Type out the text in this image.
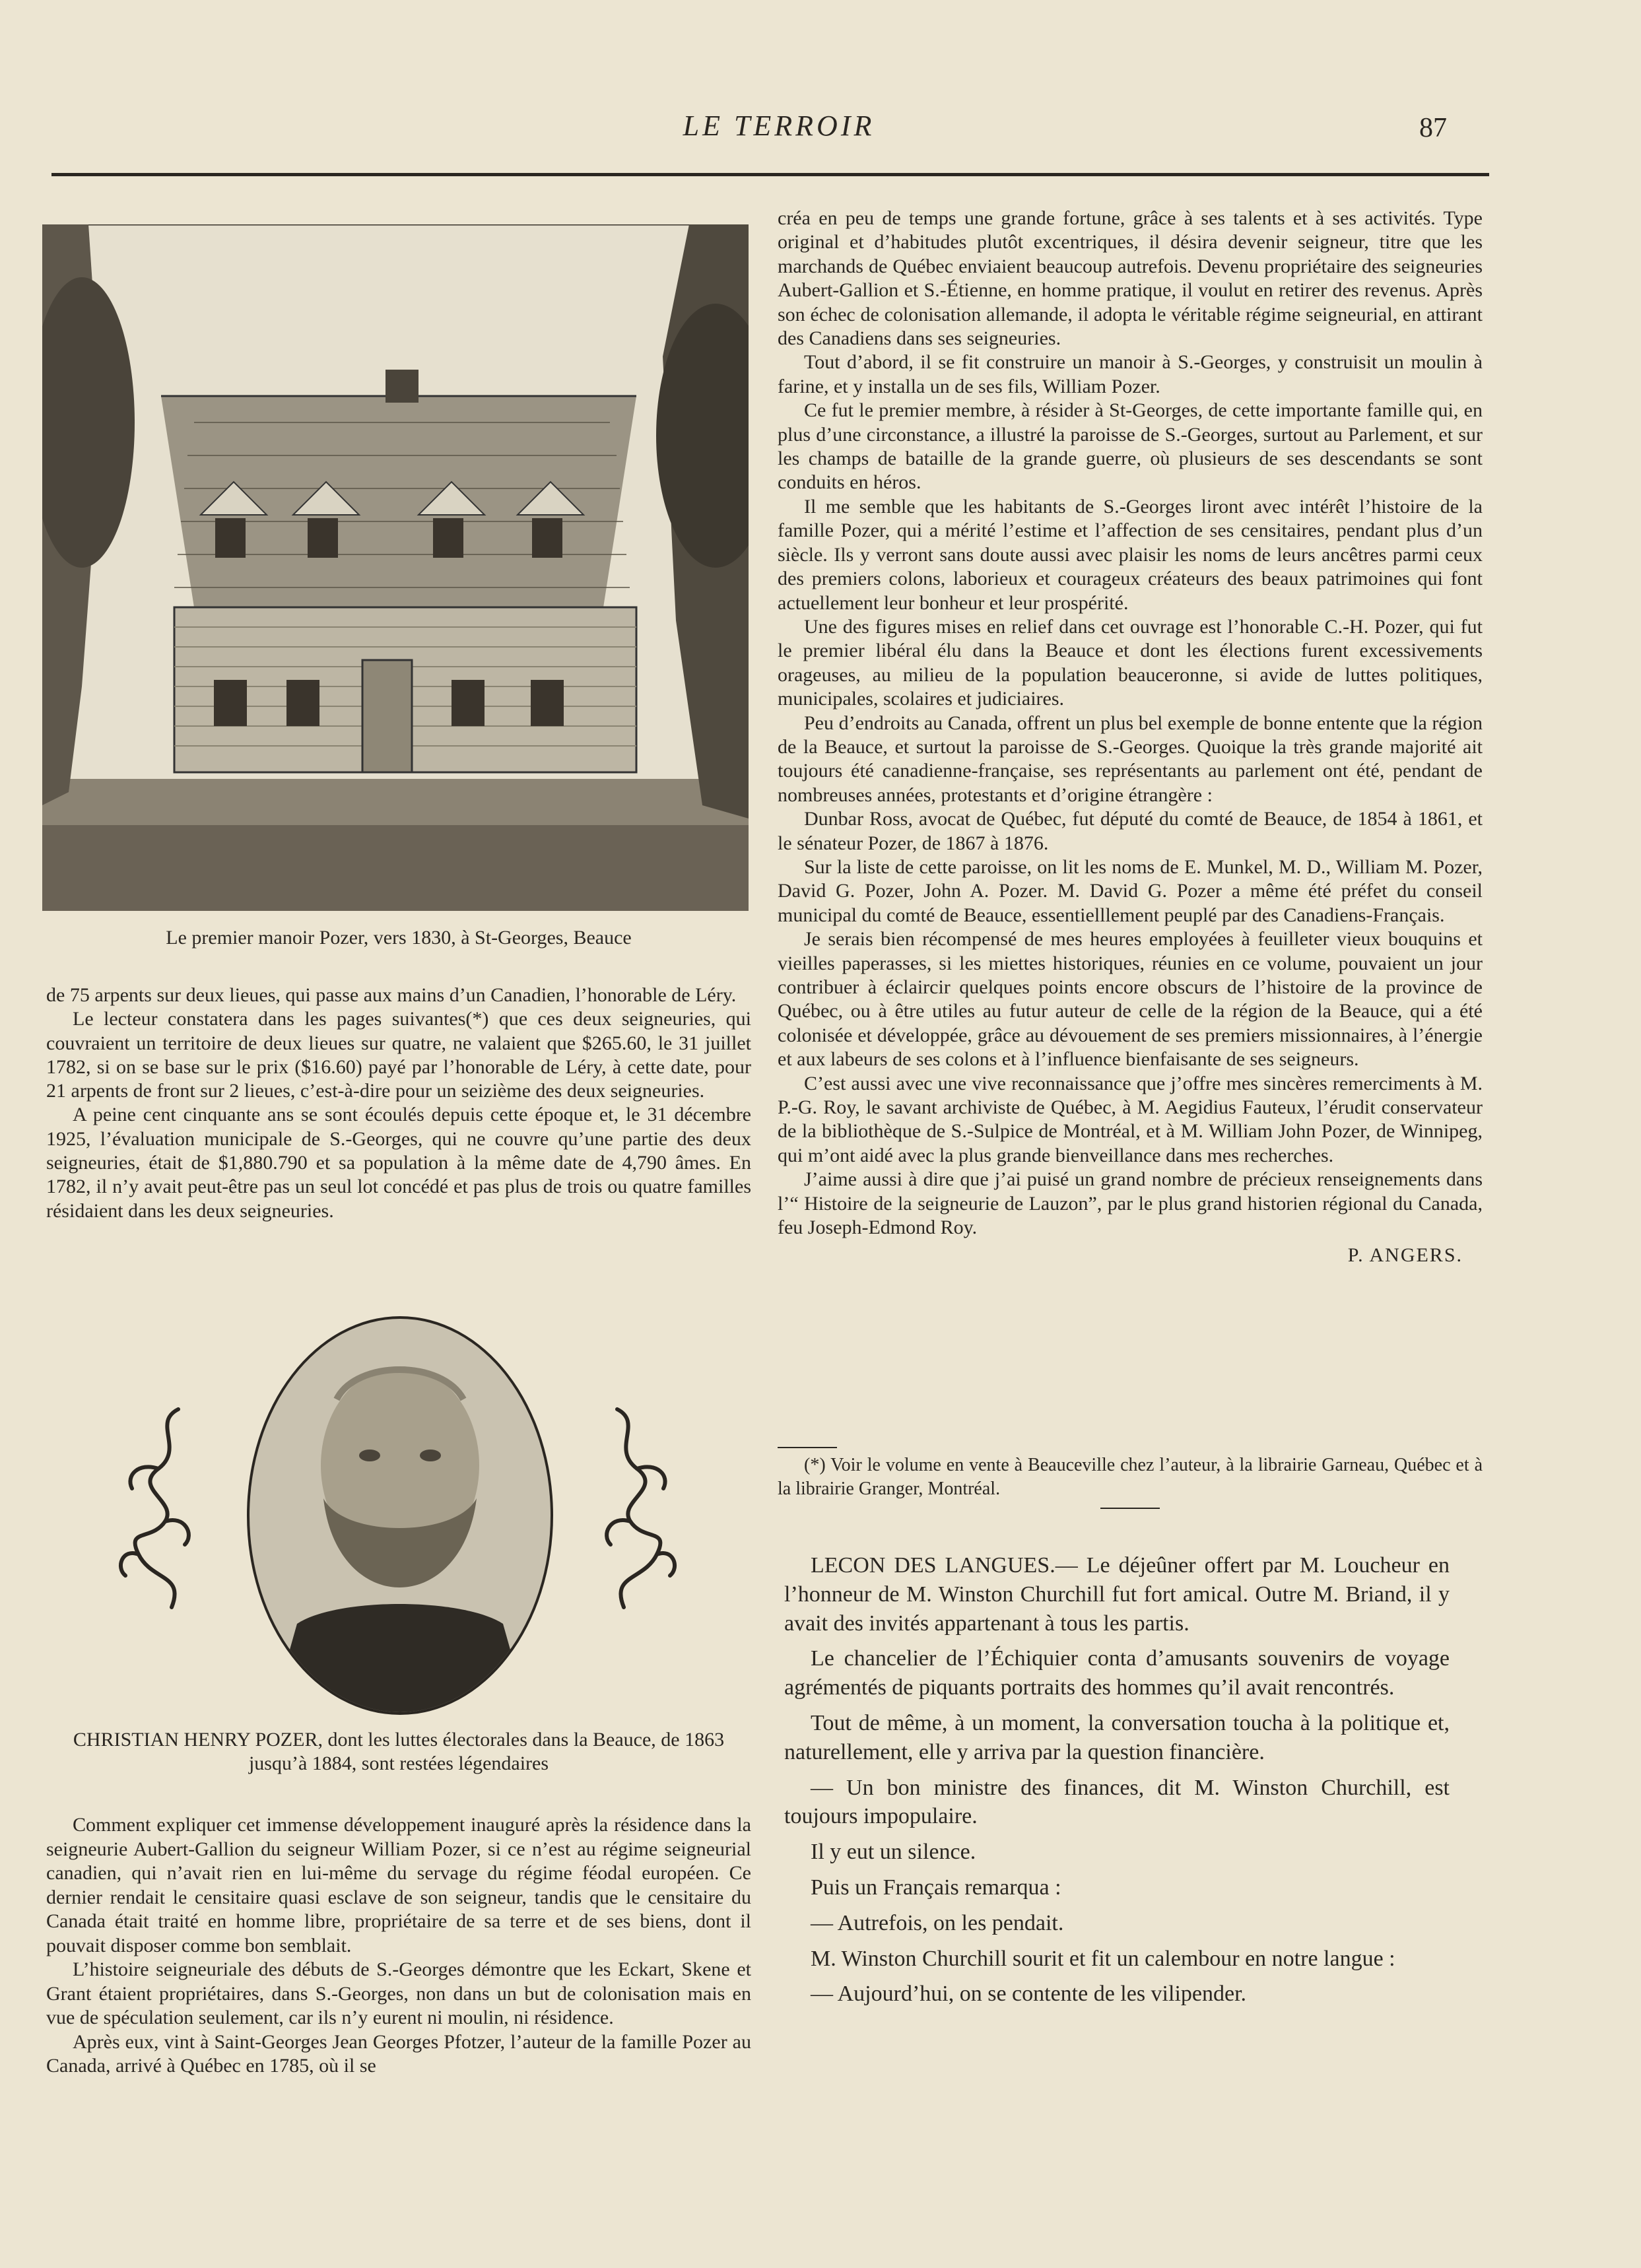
LE TERROIR	87
Le premier manoir Pozer, vers 1830, à St-Georges, Beauce

de 75 arpents sur deux lieues, qui passe aux mains d’un Canadien, l’honorable de Léry.

Le lecteur constatera dans les pages suivantes(*) que ces deux seigneuries, qui couvraient un territoire de deux lieues sur quatre, ne valaient que $265.60, le 31 juillet 1782, si on se base sur le prix ($16.60) payé par l’honorable de Léry, à cette date, pour 21 arpents de front sur 2 lieues, c’est-à-dire pour un seizième des deux seigneuries.

A peine cent cinquante ans se sont écoulés depuis cette époque et, le 31 décembre 1925, l’évaluation municipale de S.-Georges, qui ne couvre qu’une partie des deux seigneuries, était de $1,880.790 et sa population à la même date de 4,790 âmes. En 1782, il n’y avait peut-être pas un seul lot concédé et pas plus de trois ou quatre familles résidaient dans les deux seigneuries.

CHRISTIAN HENRY POZER, dont les luttes électorales dans la Beauce, de 1863 jusqu’à 1884, sont restées légendaires

Comment expliquer cet immense développement inauguré après la résidence dans la seigneurie Aubert-Gallion du seigneur William Pozer, si ce n’est au régime seigneurial canadien, qui n’avait rien en lui-même du servage du régime féodal européen. Ce dernier rendait le censitaire quasi esclave de son seigneur, tandis que le censitaire du Canada était traité en homme libre, propriétaire de sa terre et de ses biens, dont il pouvait disposer comme bon semblait.

L’histoire seigneuriale des débuts de S.-Georges démontre que les Eckart, Skene et Grant étaient propriétaires, dans S.-Georges, non dans un but de colonisation mais en vue de spéculation seulement, car ils n’y eurent ni moulin, ni résidence.

Après eux, vint à Saint-Georges Jean Georges Pfotzer, l’auteur de la famille Pozer au Canada, arrivé à Québec en 1785, où il se

créa en peu de temps une grande fortune, grâce à ses talents et à ses activités. Type original et d’habitudes plutôt excentriques, il désira devenir seigneur, titre que les marchands de Québec enviaient beaucoup autrefois. Devenu propriétaire des seigneuries Aubert-Gallion et S.-Étienne, en homme pratique, il voulut en retirer des revenus. Après son échec de colonisation allemande, il adopta le véritable régime seigneurial, en attirant des Canadiens dans ses seigneuries.

Tout d’abord, il se fit construire un manoir à S.-Georges, y construisit un moulin à farine, et y installa un de ses fils, William Pozer.

Ce fut le premier membre, à résider à St-Georges, de cette importante famille qui, en plus d’une circonstance, a illustré la paroisse de S.-Georges, surtout au Parlement, et sur les champs de bataille de la grande guerre, où plusieurs de ses descendants se sont conduits en héros.

Il me semble que les habitants de S.-Georges liront avec intérêt l’histoire de la famille Pozer, qui a mérité l’estime et l’affection de ses censitaires, pendant plus d’un siècle. Ils y verront sans doute aussi avec plaisir les noms de leurs ancêtres parmi ceux des premiers colons, laborieux et courageux créateurs des beaux patrimoines qui font actuellement leur bonheur et leur prospérité.

Une des figures mises en relief dans cet ouvrage est l’honorable C.-H. Pozer, qui fut le premier libéral élu dans la Beauce et dont les élections furent excessivements orageuses, au milieu de la population beauceronne, si avide de luttes politiques, municipales, scolaires et judiciaires.

Peu d’endroits au Canada, offrent un plus bel exemple de bonne entente que la région de la Beauce, et surtout la paroisse de S.-Georges. Quoique la très grande majorité ait toujours été canadienne-française, ses représentants au parlement ont été, pendant de nombreuses années, protestants et d’origine étrangère :

Dunbar Ross, avocat de Québec, fut député du comté de Beauce, de 1854 à 1861, et le sénateur Pozer, de 1867 à 1876.

Sur la liste de cette paroisse, on lit les noms de E. Munkel, M. D., William M. Pozer, David G. Pozer, John A. Pozer. M. David G. Pozer a même été préfet du conseil municipal du comté de Beauce, essentielllement peuplé par des Canadiens-Français.

Je serais bien récompensé de mes heures employées à feuilleter vieux bouquins et vieilles paperasses, si les miettes historiques, réunies en ce volume, pouvaient un jour contribuer à éclaircir quelques points encore obscurs de l’histoire de la province de Québec, ou à être utiles au futur auteur de celle de la région de la Beauce, qui a été colonisée et développée, grâce au dévouement de ses premiers missionnaires, à l’énergie et aux labeurs de ses colons et à l’influence bienfaisante de ses seigneurs.

C’est aussi avec une vive reconnaissance que j’offre mes sincères remerciments à M. P.-G. Roy, le savant archiviste de Québec, à M. Aegidius Fauteux, l’érudit conservateur de la bibliothèque de S.-Sulpice de Montréal, et à M. William John Pozer, de Winnipeg, qui m’ont aidé avec la plus grande bienveillance dans mes recherches.

J’aime aussi à dire que j’ai puisé un grand nombre de précieux renseignements dans l’“ Histoire de la seigneurie de Lauzon”, par le plus grand historien régional du Canada, feu Joseph-Edmond Roy.

P. ANGERS.

(*) Voir le volume en vente à Beauceville chez l’auteur, à la librairie Garneau, Québec et à la librairie Granger, Montréal.

LECON DES LANGUES.— Le déjeûner offert par M. Loucheur en l’honneur de M. Winston Churchill fut fort amical. Outre M. Briand, il y avait des invités appartenant à tous les partis.

Le chancelier de l’Échiquier conta d’amusants souvenirs de voyage agrémentés de piquants portraits des hommes qu’il avait rencontrés.

Tout de même, à un moment, la conversation toucha à la politique et, naturellement, elle y arriva par la question financière.

— Un bon ministre des finances, dit M. Winston Churchill, est toujours impopulaire.

Il y eut un silence.

Puis un Français remarqua :

— Autrefois, on les pendait.

M. Winston Churchill sourit et fit un calembour en notre langue :

— Aujourd’hui, on se contente de les vilipender.
